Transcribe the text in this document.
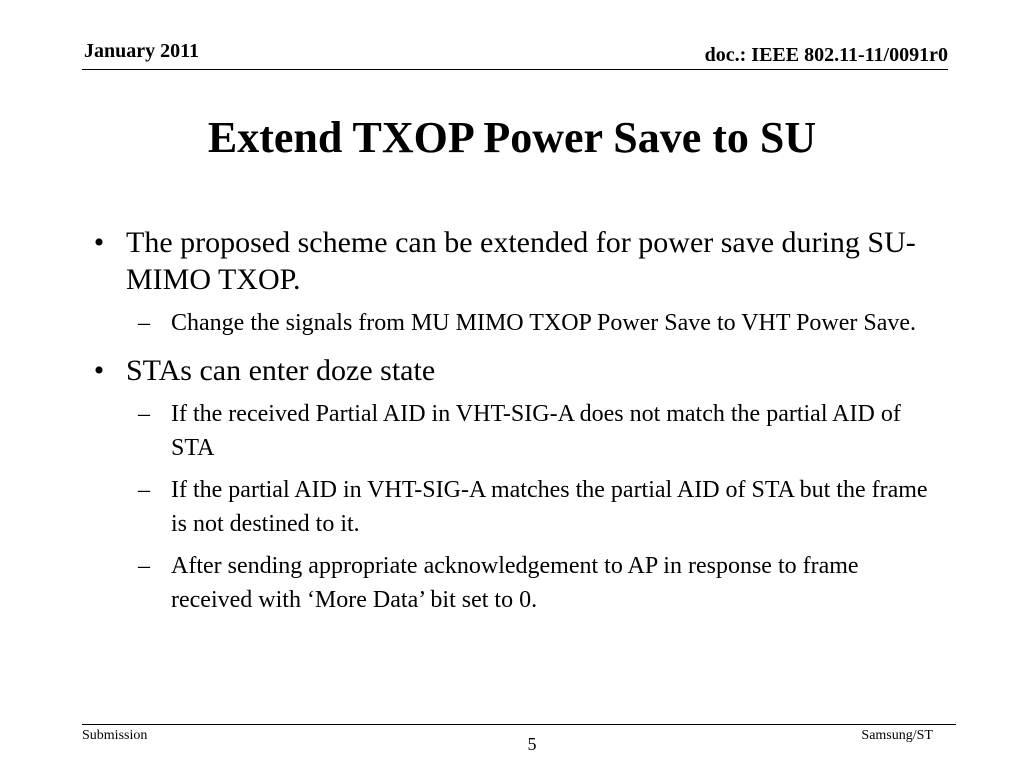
January 2011	doc.: IEEE 802.11-11/0091r0
Extend TXOP Power Save to SU
• The proposed scheme can be extended for power save during SU-MIMO TXOP.
– Change the signals from MU MIMO TXOP Power Save to VHT Power Save.
• STAs can enter doze state
– If the received Partial AID in VHT-SIG-A does not match the partial AID of STA
– If the partial AID in VHT-SIG-A matches the partial AID of STA but the frame is not destined to it.
– After sending appropriate acknowledgement to AP in response to frame received with ‘More Data’ bit set to 0.
Submission	5	Samsung/ST
